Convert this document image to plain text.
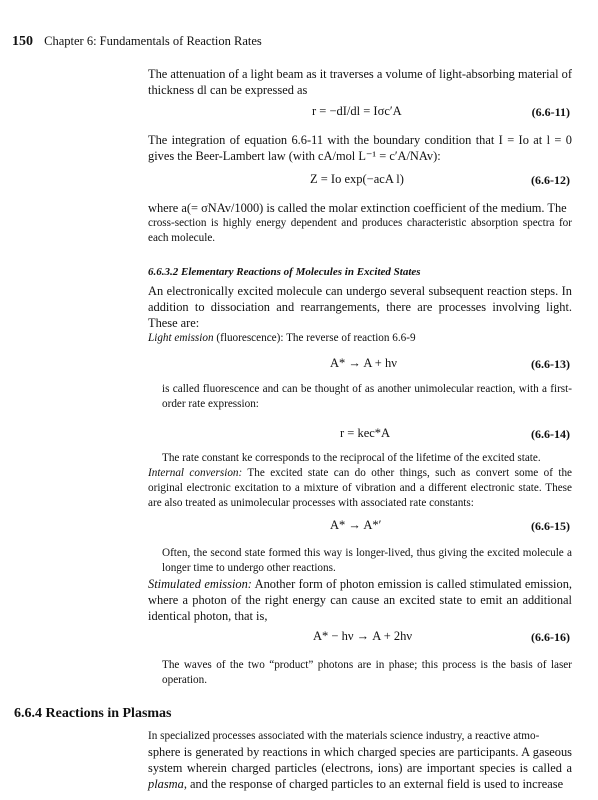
150 Chapter 6: Fundamentals of Reaction Rates
The attenuation of a light beam as it traverses a volume of light-absorbing material of thickness dl can be expressed as
r = −dI/dl = Iσc′A	(6.6-11)
The integration of equation 6.6-11 with the boundary condition that I = Io at l = 0 gives the Beer-Lambert law (with cA/mol L⁻¹ = c′A/NAv):
Z = Io exp(−acA l)	(6.6-12)
where a(= σNAv/1000) is called the molar extinction coefficient of the medium. The
cross-section is highly energy dependent and produces characteristic absorption spectra for each molecule.
6.6.3.2 Elementary Reactions of Molecules in Excited States
An electronically excited molecule can undergo several subsequent reaction steps. In addition to dissociation and rearrangements, there are processes involving light. These are:
Light emission (fluorescence): The reverse of reaction 6.6-9
A* → A + hν	(6.6-13)
is called fluorescence and can be thought of as another unimolecular reaction, with a first-order rate expression:
r = kec*A	(6.6-14)
The rate constant ke corresponds to the reciprocal of the lifetime of the excited state.
Internal conversion: The excited state can do other things, such as convert some of the original electronic excitation to a mixture of vibration and a different electronic state. These are also treated as unimolecular processes with associated rate constants:
A* → A*′	(6.6-15)
Often, the second state formed this way is longer-lived, thus giving the excited molecule a longer time to undergo other reactions.
Stimulated emission: Another form of photon emission is called stimulated emission, where a photon of the right energy can cause an excited state to emit an additional identical photon, that is,
A* − hν → A + 2hν	(6.6-16)
The waves of the two “product” photons are in phase; this process is the basis of laser operation.
6.6.4 Reactions in Plasmas
In specialized processes associated with the materials science industry, a reactive atmo-
sphere is generated by reactions in which charged species are participants. A gaseous system wherein charged particles (electrons, ions) are important species is called a plasma, and the response of charged particles to an external field is used to increase
